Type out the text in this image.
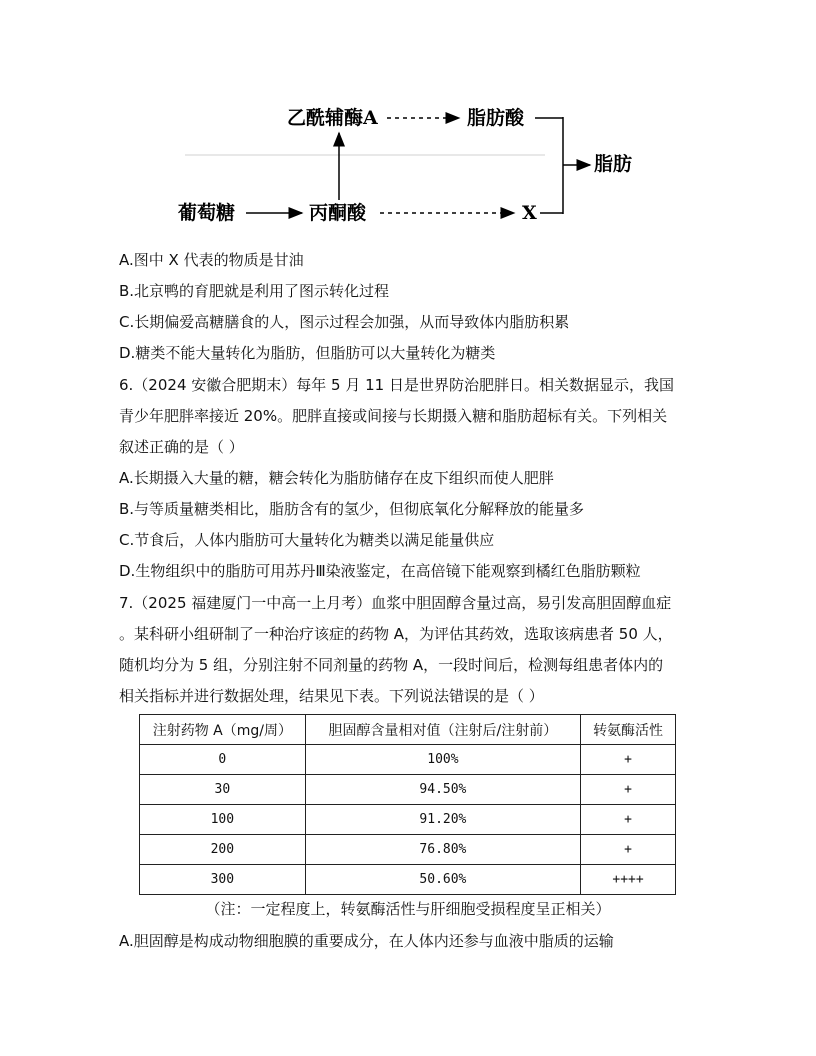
乙酰辅酶A	脂肪酸
脂肪
葡萄糖	丙酮酸	X
A.图中 X 代表的物质是甘油
B.北京鸭的育肥就是利用了图示转化过程
C.长期偏爱高糖膳食的人，图示过程会加强，从而导致体内脂肪积累
D.糖类不能大量转化为脂肪，但脂肪可以大量转化为糖类
6.（2024 安徽合肥期末）每年 5 月 11 日是世界防治肥胖日。相关数据显示，我国
青少年肥胖率接近 20%。肥胖直接或间接与长期摄入糖和脂肪超标有关。下列相关
叙述正确的是（ ）
A.长期摄入大量的糖，糖会转化为脂肪储存在皮下组织而使人肥胖
B.与等质量糖类相比，脂肪含有的氢少，但彻底氧化分解释放的能量多
C.节食后，人体内脂肪可大量转化为糖类以满足能量供应
D.生物组织中的脂肪可用苏丹Ⅲ染液鉴定，在高倍镜下能观察到橘红色脂肪颗粒
7.（2025 福建厦门一中高一上月考）血浆中胆固醇含量过高，易引发高胆固醇血症
。某科研小组研制了一种治疗该症的药物 A，为评估其药效，选取该病患者 50 人，
随机均分为 5 组，分别注射不同剂量的药物 A，一段时间后，检测每组患者体内的
相关指标并进行数据处理，结果见下表。下列说法错误的是（ ）
注射药物 A（mg/周）	胆固醇含量相对值（注射后/注射前）	转氨酶活性
0	100%	+
30	94.50%	+
100	91.20%	+
200	76.80%	+
300	50.60%	++++
（注：一定程度上，转氨酶活性与肝细胞受损程度呈正相关）
A.胆固醇是构成动物细胞膜的重要成分，在人体内还参与血液中脂质的运输
